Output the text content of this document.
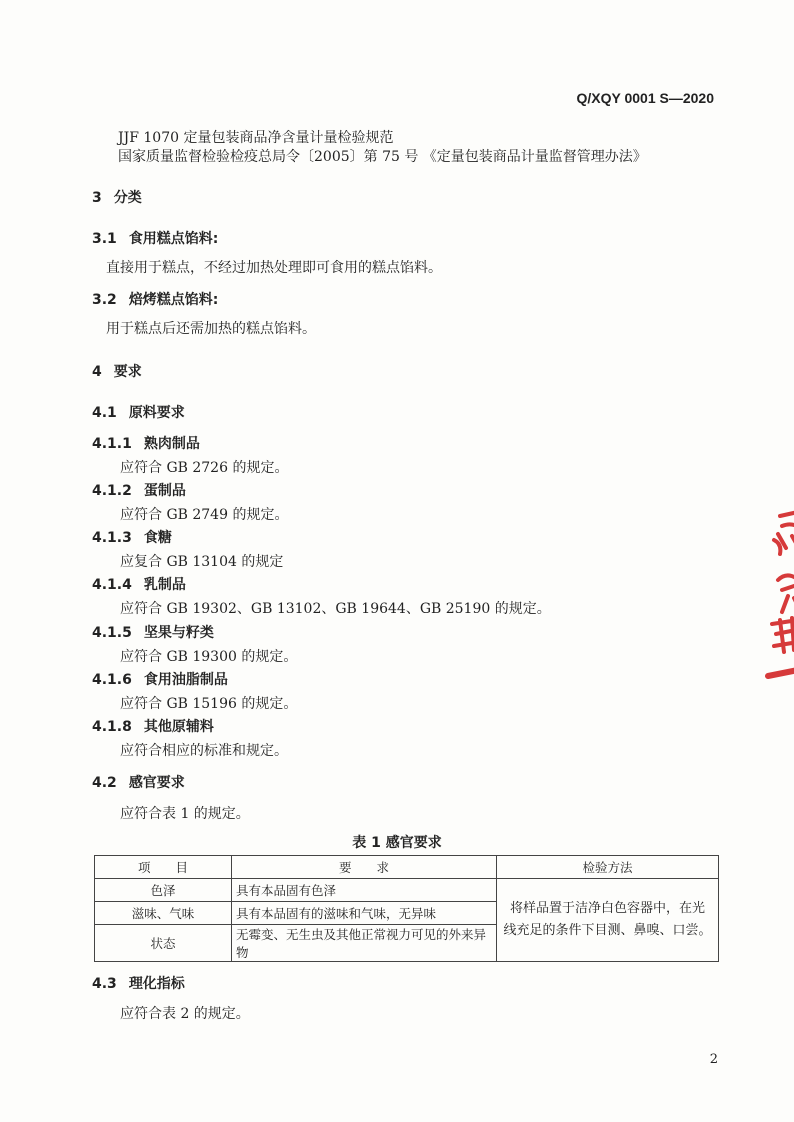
Q/XQY 0001 S—2020
JJF 1070 定量包装商品净含量计量检验规范
国家质量监督检验检疫总局令〔2005〕第 75 号 《定量包装商品计量监督管理办法》
3 分类
3.1 食用糕点馅料:
直接用于糕点，不经过加热处理即可食用的糕点馅料。
3.2 焙烤糕点馅料:
用于糕点后还需加热的糕点馅料。
4 要求
4.1 原料要求
4.1.1 熟肉制品
应符合 GB 2726 的规定。
4.1.2 蛋制品
应符合 GB 2749 的规定。
4.1.3 食糖
应复合 GB 13104 的规定
4.1.4 乳制品
应符合 GB 19302、GB 13102、GB 19644、GB 25190 的规定。
4.1.5 坚果与籽类
应符合 GB 19300 的规定。
4.1.6 食用油脂制品
应符合 GB 15196 的规定。
4.1.8 其他原辅料
应符合相应的标准和规定。
4.2 感官要求
应符合表 1 的规定。
表 1 感官要求
项　　目	要　　求	检验方法
色泽	具有本品固有色泽	将样品置于洁净白色容器中，在光
线充足的条件下目测、鼻嗅、口尝。

滋味、气味	具有本品固有的滋味和气味，无异味	
状态	无霉变、无生虫及其他正常视力可见的外来异物	
4.3 理化指标
应符合表 2 的规定。
2
